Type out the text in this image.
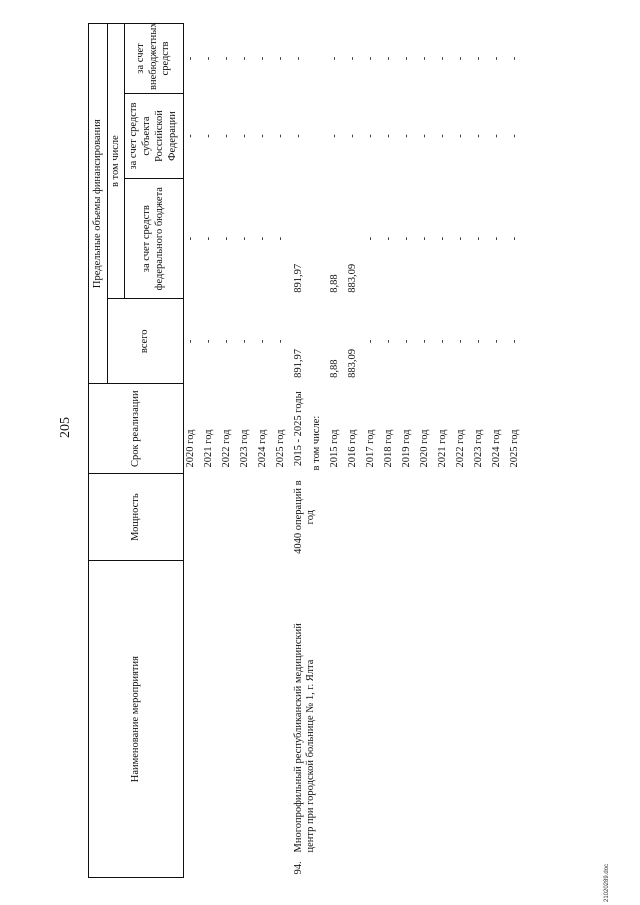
205
Наименование мероприятия	Мощность	Срок реализации	Предельные объемы финансирования			
			всего	в том числе		
				за счет средств федерального бюджета	за счет средств субъекта Российской Федерации	за счет внебюджетных средств
		2020 год	-	-	-	-
		2021 год	-	-	-	-
		2022 год	-	-	-	-
		2023 год	-	-	-	-
		2024 год	-	-	-	-
		2025 год	-	-	-	-
94.Многопрофильный республиканский медицинский центр при городской больнице № 1, г. Ялта	4040 операций в год	2015 - 2025 годы	891,97	891,97	-	-
		в том числе:				
		2015 год	8,88	8,88	-	-
		2016 год	883,09	883,09	-	-
		2017 год	-	-	-	-
		2018 год	-	-	-	-
		2019 год	-	-	-	-
		2020 год	-	-	-	-
		2021 год	-	-	-	-
		2022 год	-	-	-	-
		2023 год	-	-	-	-
		2024 год	-	-	-	-
		2025 год	-	-	-	-
21020289.doc
